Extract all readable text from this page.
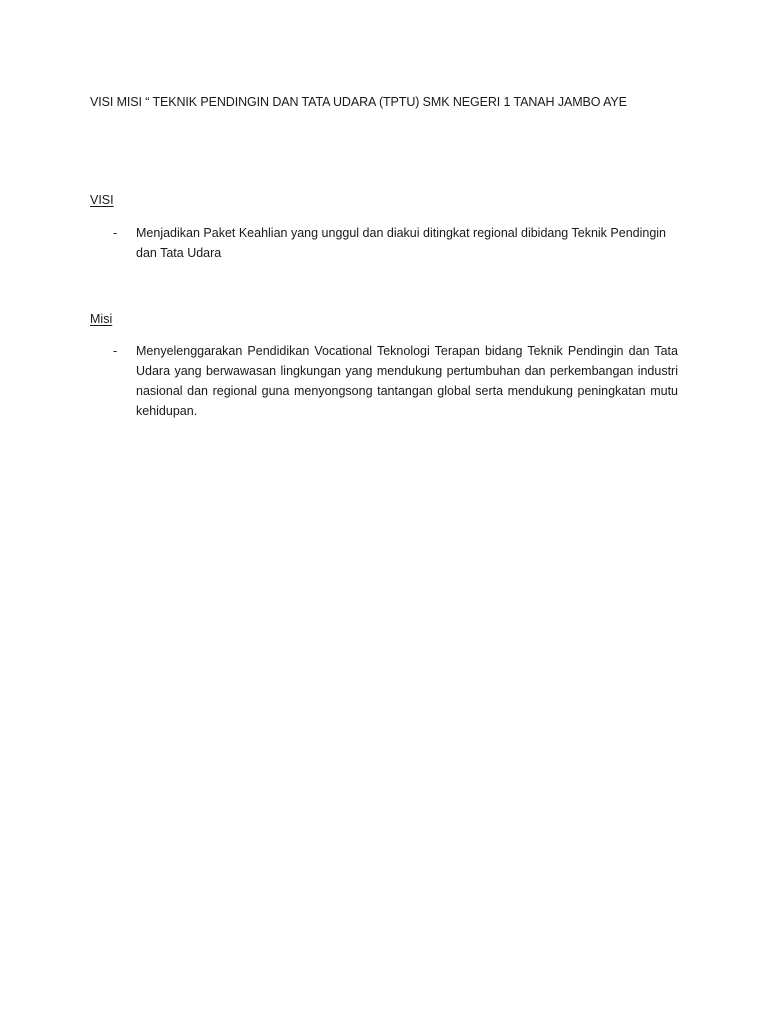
VISI MISI “ TEKNIK PENDINGIN DAN TATA UDARA (TPTU) SMK NEGERI 1 TANAH JAMBO AYE
VISI
-	Menjadikan Paket Keahlian yang unggul dan diakui ditingkat regional dibidang Teknik Pendingin dan Tata Udara
Misi
-	Menyelenggarakan Pendidikan Vocational Teknologi Terapan bidang Teknik Pendingin dan Tata Udara yang berwawasan lingkungan yang mendukung pertumbuhan dan perkembangan industri nasional dan regional guna menyongsong tantangan global serta mendukung peningkatan mutu kehidupan.
